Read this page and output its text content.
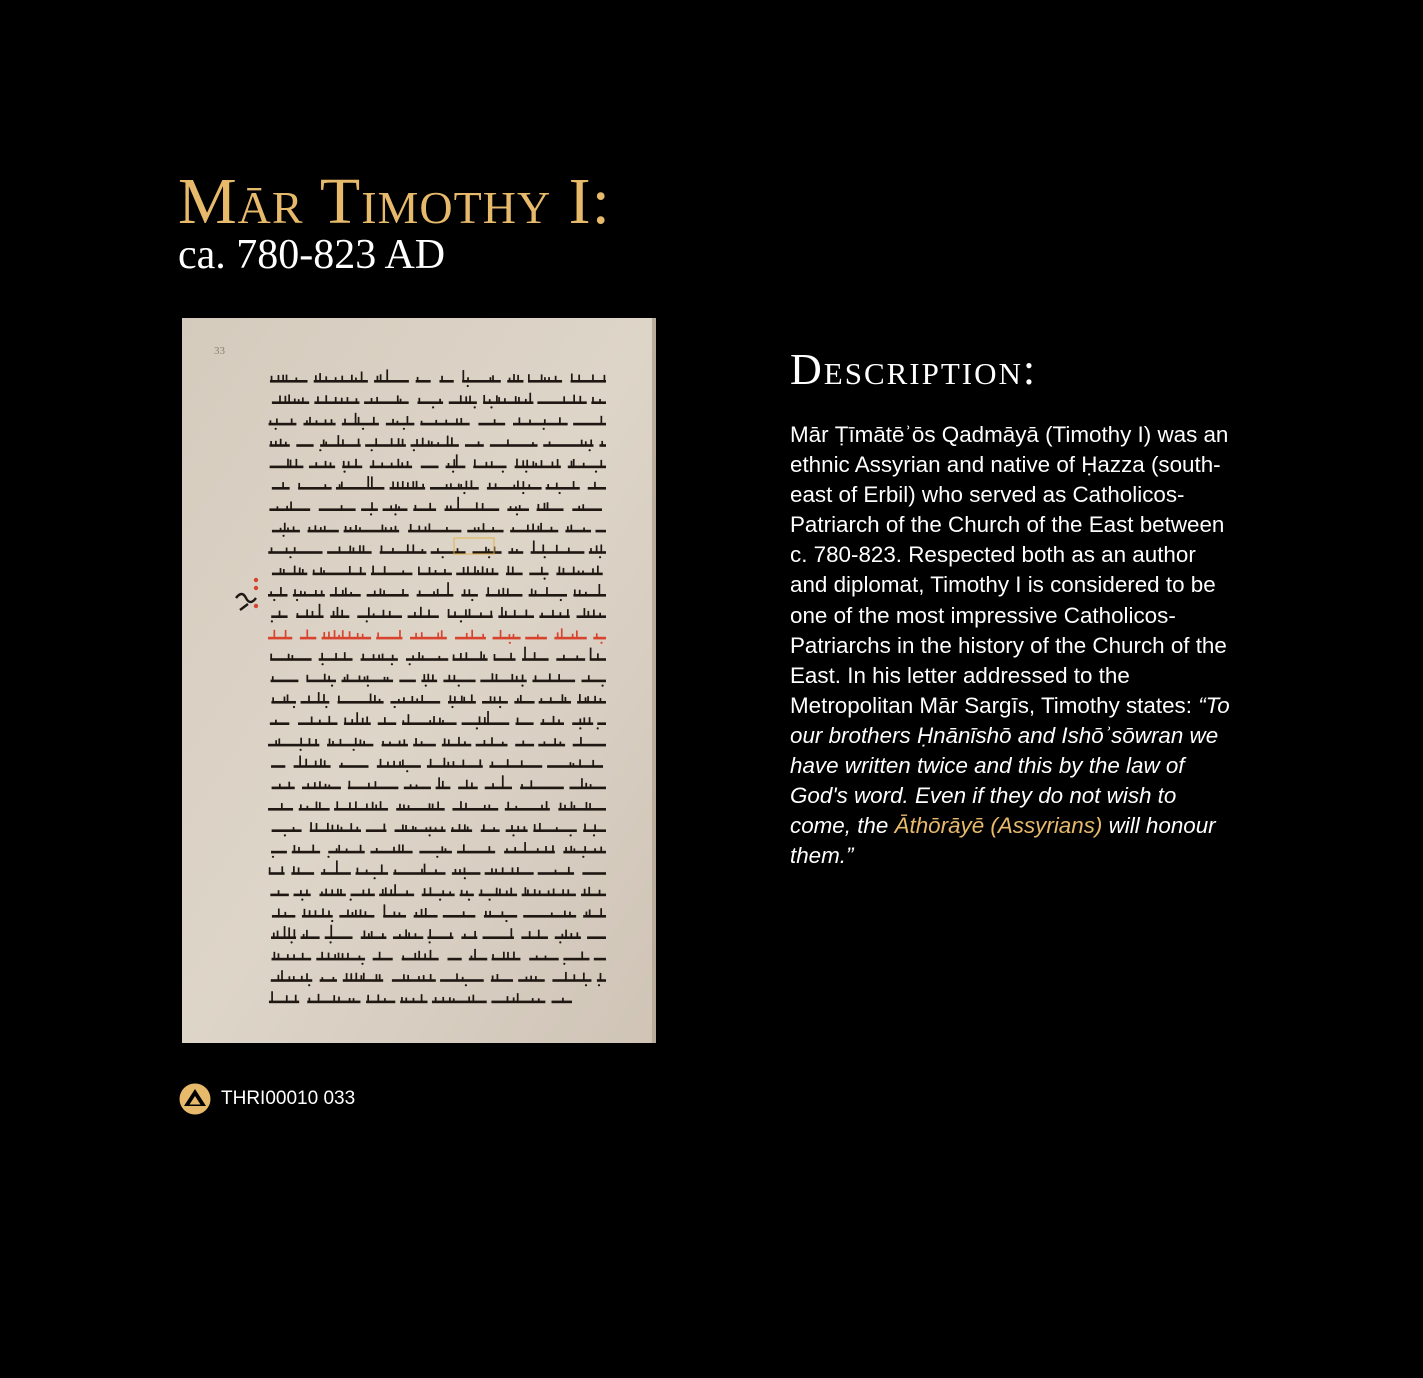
Mār Timothy I:
ca. 780-823 AD
33
THRI00010 033
Description:

Mār Ṭīmātēʾōs Qadmāyā (Timothy I) was an ethnic Assyrian and native of Ḥazza (south-east of Erbil) who served as Catholicos-Patriarch of the Church of the East between c. 780-823. Respected both as an author and diplomat, Timothy I is considered to be one of the most impressive Catholicos-Patriarchs in the history of the Church of the East. In his letter addressed to the Metropolitan Mār Sargīs, Timothy states: “To our brothers Ḥnānīshō and Ishōʾsōwran we have written twice and this by the law of God's word. Even if they do not wish to come, the Āthōrāyē (Assyrians) will honour them.”
